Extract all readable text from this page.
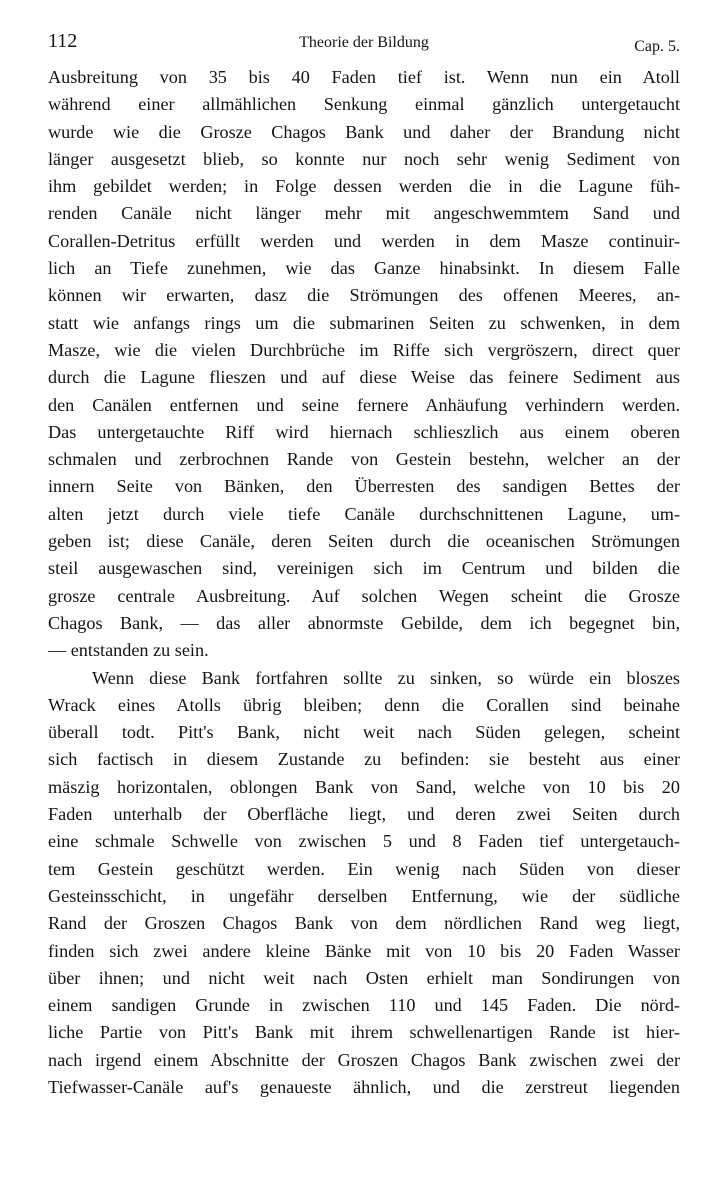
112	Theorie der Bildung	Cap. 5.

Ausbreitung von 35 bis 40 Faden tief ist. Wenn nun ein Atoll
während einer allmählichen Senkung einmal gänzlich untergetaucht
wurde wie die Grosze Chagos Bank und daher der Brandung nicht
länger ausgesetzt blieb, so konnte nur noch sehr wenig Sediment von
ihm gebildet werden; in Folge dessen werden die in die Lagune füh-
renden Canäle nicht länger mehr mit angeschwemmtem Sand und
Corallen-Detritus erfüllt werden und werden in dem Masze continuir-
lich an Tiefe zunehmen, wie das Ganze hinabsinkt. In diesem Falle
können wir erwarten, dasz die Strömungen des offenen Meeres, an-
statt wie anfangs rings um die submarinen Seiten zu schwenken, in dem
Masze, wie die vielen Durchbrüche im Riffe sich vergröszern, direct quer
durch die Lagune flieszen und auf diese Weise das feinere Sediment aus
den Canälen entfernen und seine fernere Anhäufung verhindern werden.
Das untergetauchte Riff wird hiernach schlieszlich aus einem oberen
schmalen und zerbrochnen Rande von Gestein bestehn, welcher an der
innern Seite von Bänken, den Überresten des sandigen Bettes der
alten jetzt durch viele tiefe Canäle durchschnittenen Lagune, um-
geben ist; diese Canäle, deren Seiten durch die oceanischen Strömungen
steil ausgewaschen sind, vereinigen sich im Centrum und bilden die
grosze centrale Ausbreitung. Auf solchen Wegen scheint die Grosze
Chagos Bank, — das aller abnormste Gebilde, dem ich begegnet bin,
— entstanden zu sein.

Wenn diese Bank fortfahren sollte zu sinken, so würde ein bloszes
Wrack eines Atolls übrig bleiben; denn die Corallen sind beinahe
überall todt. Pitt's Bank, nicht weit nach Süden gelegen, scheint
sich factisch in diesem Zustande zu befinden: sie besteht aus einer
mäszig horizontalen, oblongen Bank von Sand, welche von 10 bis 20
Faden unterhalb der Oberfläche liegt, und deren zwei Seiten durch
eine schmale Schwelle von zwischen 5 und 8 Faden tief untergetauch-
tem Gestein geschützt werden. Ein wenig nach Süden von dieser
Gesteinsschicht, in ungefähr derselben Entfernung, wie der südliche
Rand der Groszen Chagos Bank von dem nördlichen Rand weg liegt,
finden sich zwei andere kleine Bänke mit von 10 bis 20 Faden Wasser
über ihnen; und nicht weit nach Osten erhielt man Sondirungen von
einem sandigen Grunde in zwischen 110 und 145 Faden. Die nörd-
liche Partie von Pitt's Bank mit ihrem schwellenartigen Rande ist hier-
nach irgend einem Abschnitte der Groszen Chagos Bank zwischen zwei der
Tiefwasser-Canäle auf's genaueste ähnlich, und die zerstreut liegenden
